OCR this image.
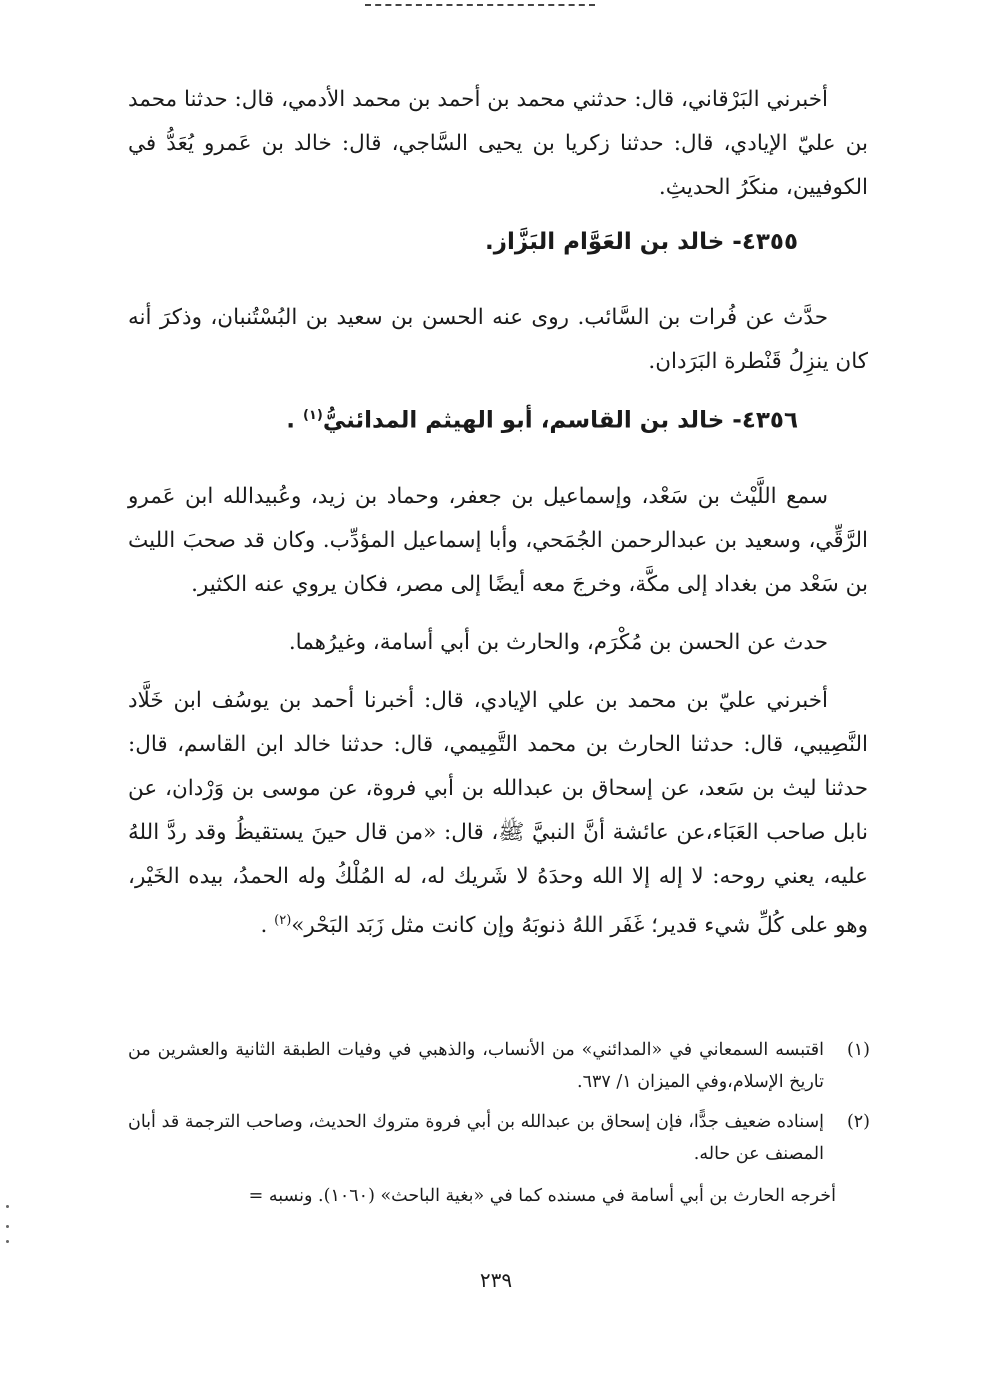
أخبرني البَرْقاني، قال: حدثني محمد بن أحمد بن محمد الأدمي، قال: حدثنا محمد بن عليّ الإيادي، قال: حدثنا زكريا بن يحيى السَّاجي، قال: خالد بن عَمرو يُعَدُّ في الكوفيين، منكَرُ الحديثِ.

٤٣٥٥- خالد بن العَوَّام البَزَّاز.

حدَّث عن فُرات بن السَّائب. روى عنه الحسن بن سعيد بن البُسْتُنبان، وذكرَ أنه كان ينزِلُ قَنْطرة البَرَدان.

٤٣٥٦- خالد بن القاسم، أبو الهيثم المدائنيُّ$^{(١)}$ .

سمع اللَّيْث بن سَعْد، وإسماعيل بن جعفر، وحماد بن زيد، وعُبيدالله ابن عَمرو الرَّقِّي، وسعيد بن عبدالرحمن الجُمَحي، وأبا إسماعيل المؤدِّب. وكان قد صحبَ الليث بن سَعْد من بغداد إلى مكَّة، وخرجَ معه أيضًا إلى مصر، فكان يروي عنه الكثير.

حدث عن الحسن بن مُكْرَم، والحارث بن أبي أسامة، وغيرُهما.

أخبرني عليّ بن محمد بن علي الإيادي، قال: أخبرنا أحمد بن يوسُف ابن خَلَّاد النَّصِيبي، قال: حدثنا الحارث بن محمد التَّمِيمي، قال: حدثنا خالد ابن القاسم، قال: حدثنا ليث بن سَعد، عن إسحاق بن عبدالله بن أبي فروة، عن موسى بن وَرْدان، عن نابل صاحب العَبَاء،عن عائشة أنَّ النبيَّ ﷺ، قال: «من قال حينَ يستقيظُ وقد ردَّ اللهُ عليه، يعني روحه: لا إله إلا الله وحدَهُ لا شَريك له، له المُلْكُ وله الحمدُ، بيده الخَيْر، وهو على كُلِّ شيء قدير؛ غَفَر اللهُ ذنوبَهُ وإن كانت مثل زَبَد البَحْر»$^{(٢)}$ .

(١)
اقتبسه السمعاني في «المدائني» من الأنساب، والذهبي في وفيات الطبقة الثانية والعشرين من تاريخ الإسلام،وفي الميزان ١/ ٦٣٧.
(٢)
إسناده ضعيف جدًّا، فإن إسحاق بن عبدالله بن أبي فروة متروك الحديث، وصاحب الترجمة قد أبان المصنف عن حاله.

أخرجه الحارث بن أبي أسامة في مسنده كما في «بغية الباحث» (١٠٦٠). ونسبه =

٢٣٩
